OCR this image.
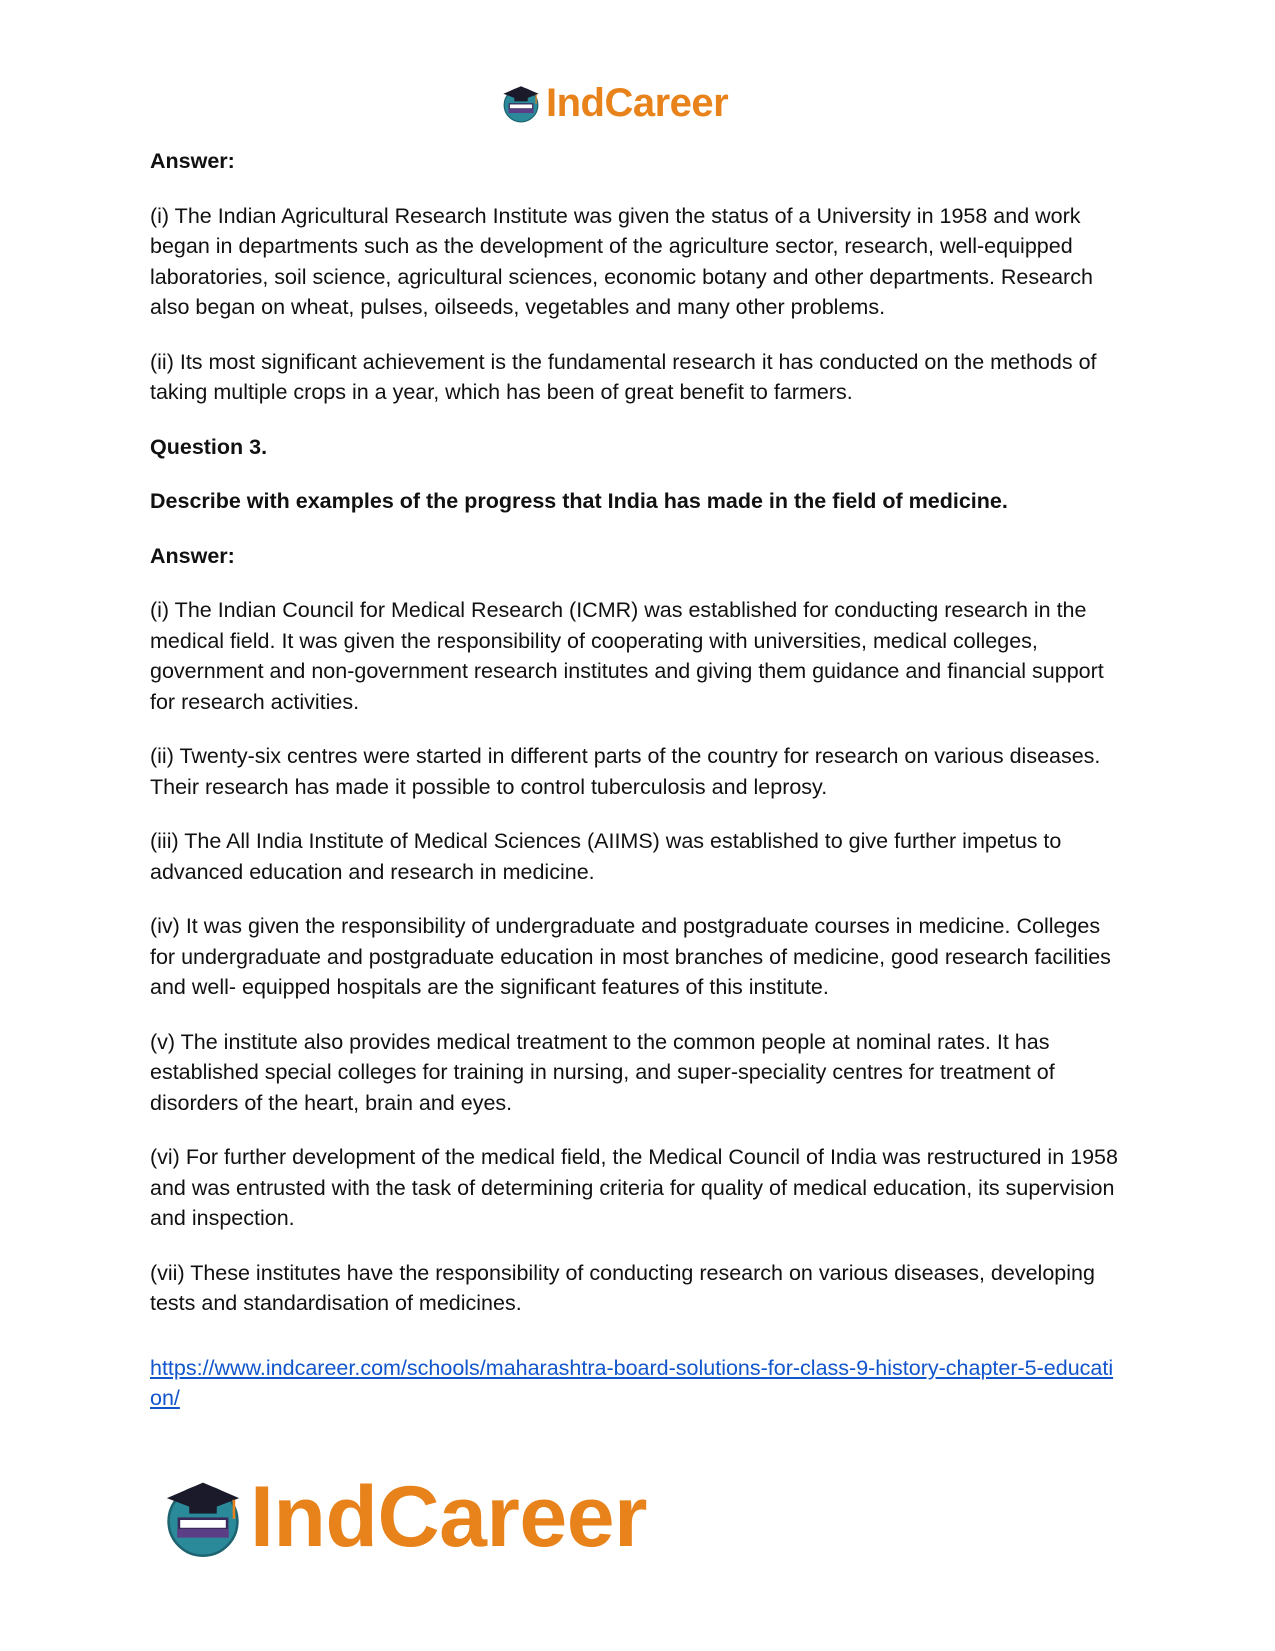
IndCareer

Answer:

(i) The Indian Agricultural Research Institute was given the status of a University in 1958 and work began in departments such as the development of the agriculture sector, research, well-equipped laboratories, soil science, agricultural sciences, economic botany and other departments. Research also began on wheat, pulses, oilseeds, vegetables and many other problems.

(ii) Its most significant achievement is the fundamental research it has conducted on the methods of taking multiple crops in a year, which has been of great benefit to farmers.

Question 3.

Describe with examples of the progress that India has made in the field of medicine.

Answer:

(i) The Indian Council for Medical Research (ICMR) was established for conducting research in the medical field. It was given the responsibility of cooperating with universities, medical colleges, government and non-government research institutes and giving them guidance and financial support for research activities.

(ii) Twenty-six centres were started in different parts of the country for research on various diseases. Their research has made it possible to control tuberculosis and leprosy.

(iii) The All India Institute of Medical Sciences (AIIMS) was established to give further impetus to advanced education and research in medicine.

(iv) It was given the responsibility of undergraduate and postgraduate courses in medicine. Colleges for undergraduate and postgraduate education in most branches of medicine, good research facilities and well- equipped hospitals are the significant features of this institute.

(v) The institute also provides medical treatment to the common people at nominal rates. It has established special colleges for training in nursing, and super-speciality centres for treatment of disorders of the heart, brain and eyes.

(vi) For further development of the medical field, the Medical Council of India was restructured in 1958 and was entrusted with the task of determining criteria for quality of medical education, its supervision and inspection.

(vii) These institutes have the responsibility of conducting research on various diseases, developing tests and standardisation of medicines.

https://www.indcareer.com/schools/maharashtra-board-solutions-for-class-9-history-chapter-5-education/
IndCareer
